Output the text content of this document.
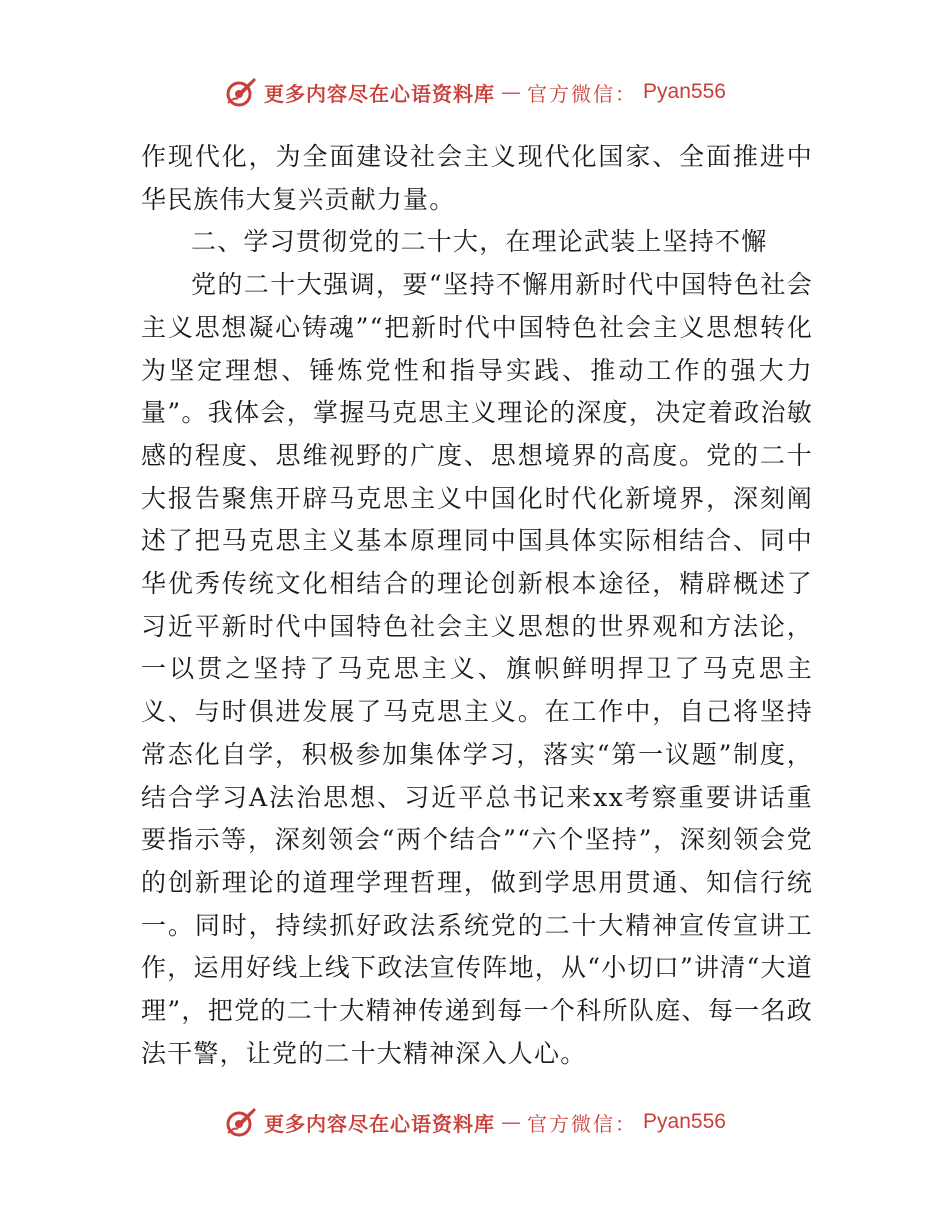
更多内容尽在心语资料库 — 官方微信： Pyan556

作现代化，为全面建设社会主义现代化国家、全面推进中华民族伟大复兴贡献力量。

二、学习贯彻党的二十大，在理论武装上坚持不懈

党的二十大强调，要“坚持不懈用新时代中国特色社会主义思想凝心铸魂”“把新时代中国特色社会主义思想转化为坚定理想、锤炼党性和指导实践、推动工作的强大力量”。我体会，掌握马克思主义理论的深度，决定着政治敏感的程度、思维视野的广度、思想境界的高度。党的二十大报告聚焦开辟马克思主义中国化时代化新境界，深刻阐述了把马克思主义基本原理同中国具体实际相结合、同中华优秀传统文化相结合的理论创新根本途径，精辟概述了习近平新时代中国特色社会主义思想的世界观和方法论，一以贯之坚持了马克思主义、旗帜鲜明捍卫了马克思主义、与时俱进发展了马克思主义。在工作中，自己将坚持常态化自学，积极参加集体学习，落实“第一议题”制度，结合学习A法治思想、习近平总书记来xx考察重要讲话重要指示等，深刻领会“两个结合”“六个坚持”，深刻领会党的创新理论的道理学理哲理，做到学思用贯通、知信行统一。同时，持续抓好政法系统党的二十大精神宣传宣讲工作，运用好线上线下政法宣传阵地，从“小切口”讲清“大道理”，把党的二十大精神传递到每一个科所队庭、每一名政法干警，让党的二十大精神深入人心。

更多内容尽在心语资料库 — 官方微信： Pyan556
